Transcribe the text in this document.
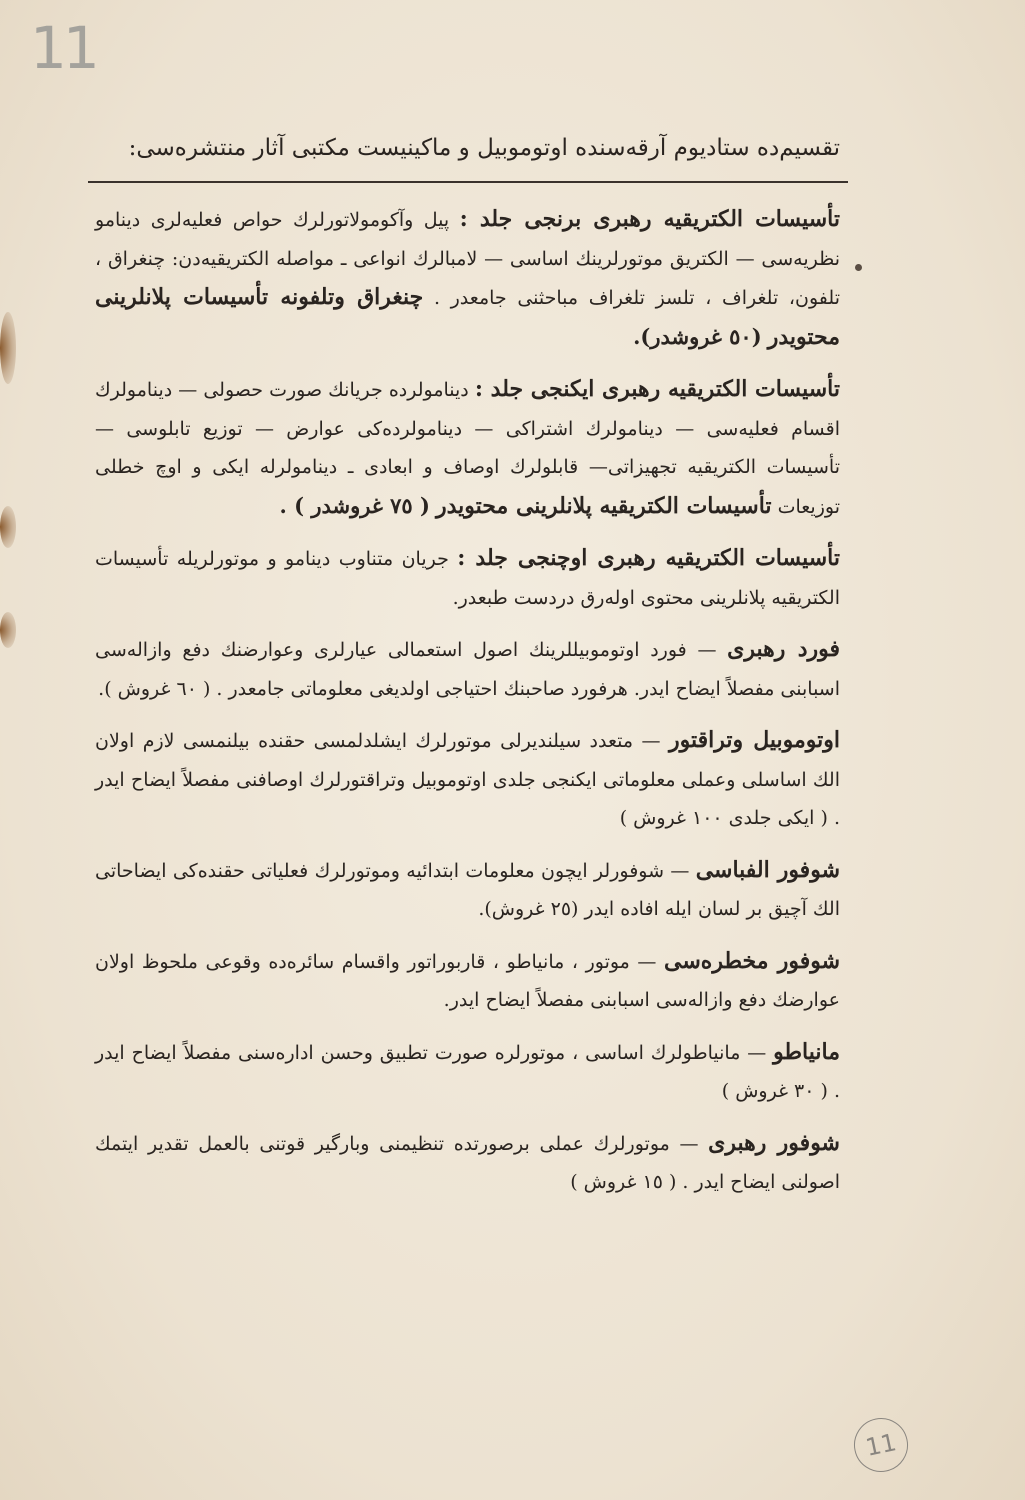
11
تقسیم‌دە ستادیوم آرقه‌سنده اوتوموبیل و ماکینیست مکتبی آثار منتشره‌سی:

تأسیسات الکتریقیه رهبری برنجی جلد : پیل وآکومولاتورلرك حواص فعلیه‌لری دینامو نظریه‌سی — الکتریق موتورلرینك اساسی — لامبالرك انواعی ـ مواصله الکتریقیه‌دن: چنغراق ، تلفون، تلغراف ، تلسز تلغراف مباحثنی جامعدر . چنغراق وتلفونه تأسیسات پلانلرینی محتویدر (٥٠ غروشدر).

تأسیسات الکتریقیه رهبری ایکنجی جلد : دینامولرده جریانك صورت حصولی — دینامولرك اقسام فعلیه‌سی — دینامولرك اشتراکی — دینامولرده‌کی عوارض — توزیع تابلوسی — تأسیسات الکتریقیه تجهیزاتی— قابلولرك اوصاف و ابعادی ـ دینامولرله ایکی و اوچ خطلی توزیعات تأسیسات الکتریقیه پلانلرینی محتویدر ( ٧٥ غروشدر ) .

تأسیسات الکتریقیه رهبری اوچنجی جلد : جریان متناوب دینامو و موتورلریله تأسیسات الکتریقیه پلانلرینی محتوی اوله‌رق دردست طبعدر.

فورد رهبری — فورد اوتوموبیللرینك اصول استعمالی عیارلری وعوارضنك دفع وازاله‌سی اسبابنی مفصلاً ایضاح ایدر. هرفورد صاحبنك احتیاجی اولدیغی معلوماتی جامعدر . ( ٦٠ غروش ).

اوتوموبیل وتراقتور — متعدد سیلندیرلی موتورلرك ایشلدلمسی حقنده بیلنمسی لازم اولان الك اساسلی وعملی معلوماتی ایکنجی جلدی اوتوموبیل وتراقتورلرك اوصافنی مفصلاً ایضاح ایدر . ( ایکی جلدی ١٠٠ غروش )

شوفور الفباسی — شوفورلر ایچون معلومات ابتدائیه وموتورلرك فعلیاتی حقنده‌کی ایضاحاتی الك آچیق بر لسان ایله افاده ایدر (٢٥ غروش).

شوفور مخطره‌سی — موتور ، مانیاطو ، قاربوراتور واقسام سائره‌ده وقوعی ملحوظ اولان عوارضك دفع وازاله‌سی اسبابنی مفصلاً ایضاح ایدر.

مانیاطو — مانیاطولرك اساسی ، موتورلره صورت تطبیق وحسن اداره‌سنی مفصلاً ایضاح ایدر . ( ٣٠ غروش )

شوفور رهبری — موتورلرك عملی برصورتده تنظیمنی وبارگیر قوتنی بالعمل تقدیر ایتمك اصولنی ایضاح ایدر . ( ١٥ غروش )

11
